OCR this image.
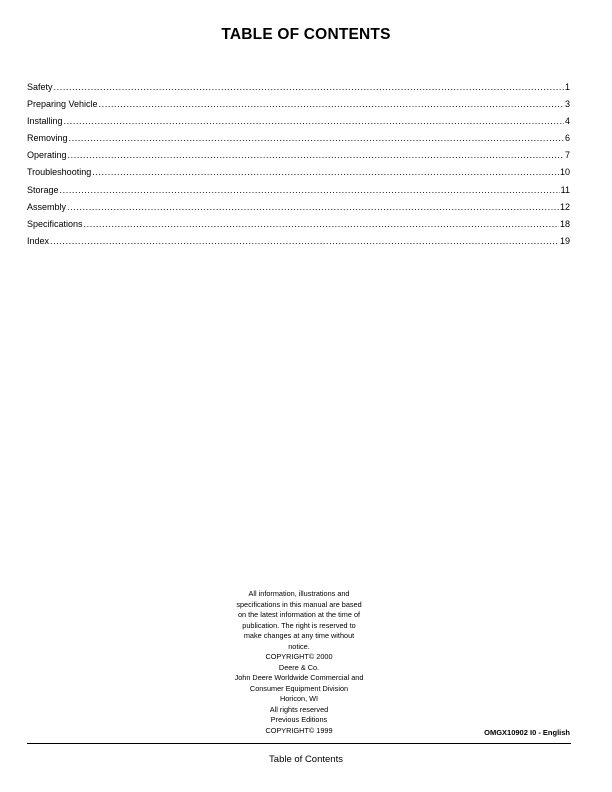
TABLE OF CONTENTS
Safety .....	1
Preparing Vehicle .....	3
Installing .....	4
Removing .....	6
Operating .....	7
Troubleshooting .....	10
Storage .....	11
Assembly .....	12
Specifications .....	18
Index .....	19
All information, illustrations and
specifications in this manual are based
on the latest information at the time of
publication. The right is reserved to
make changes at any time without
notice.
COPYRIGHT© 2000
Deere & Co.
John Deere Worldwide Commercial and
Consumer Equipment Division
Horicon, WI
All rights reserved
Previous Editions
COPYRIGHT© 1999	OMGX10902 I0 - English
Table of Contents
